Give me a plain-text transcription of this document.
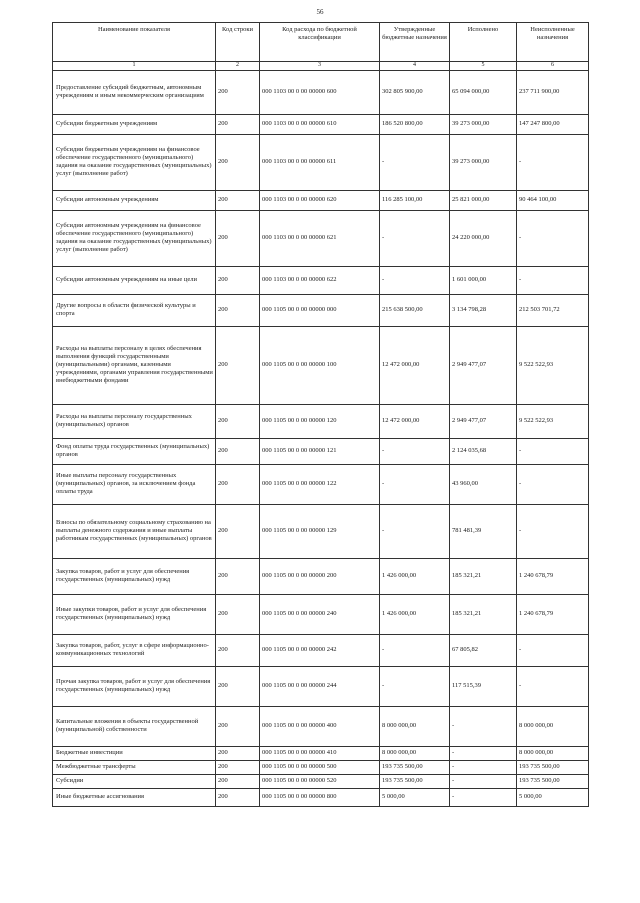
56
Наименование показателя	Код строки	Код расхода по бюджетной классификации	Утвержденные бюджетные назначения	Исполнено	Неисполненные назначения
1	2	3	4	5	6
Предоставление субсидий бюджетным, автономным учреждениям и иным некоммерческим организациям	200	000 1103 00 0 00 00000 600	302 805 900,00	65 094 000,00	237 711 900,00
Субсидии бюджетным учреждениям	200	000 1103 00 0 00 00000 610	186 520 800,00	39 273 000,00	147 247 800,00
Субсидии бюджетным учреждениям на финансовое обеспечение государственного (муниципального) задания на оказание государственных (муниципальных) услуг (выполнение работ)	200	000 1103 00 0 00 00000 611	-	39 273 000,00	-
Субсидии автономным учреждениям	200	000 1103 00 0 00 00000 620	116 285 100,00	25 821 000,00	90 464 100,00
Субсидии автономным учреждениям на финансовое обеспечение государственного (муниципального) задания на оказание государственных (муниципальных) услуг (выполнение работ)	200	000 1103 00 0 00 00000 621	-	24 220 000,00	-
Субсидии автономным учреждениям на иные цели	200	000 1103 00 0 00 00000 622	-	1 601 000,00	-
Другие вопросы в области физической культуры и спорта	200	000 1105 00 0 00 00000 000	215 638 500,00	3 134 798,28	212 503 701,72
Расходы на выплаты персоналу в целях обеспечения выполнения функций государственными (муниципальными) органами, казенными учреждениями, органами управления государственными внебюджетными фондами	200	000 1105 00 0 00 00000 100	12 472 000,00	2 949 477,07	9 522 522,93
Расходы на выплаты персоналу государственных (муниципальных) органов	200	000 1105 00 0 00 00000 120	12 472 000,00	2 949 477,07	9 522 522,93
Фонд оплаты труда государственных (муниципальных) органов	200	000 1105 00 0 00 00000 121	-	2 124 035,68	-
Иные выплаты персоналу государственных (муниципальных) органов, за исключением фонда оплаты труда	200	000 1105 00 0 00 00000 122	-	43 960,00	-
Взносы по обязательному социальному страхованию на выплаты денежного содержания и иные выплаты работникам государственных (муниципальных) органов	200	000 1105 00 0 00 00000 129	-	781 481,39	-
Закупка товаров, работ и услуг для обеспечения государственных (муниципальных) нужд	200	000 1105 00 0 00 00000 200	1 426 000,00	185 321,21	1 240 678,79
Иные закупки товаров, работ и услуг для обеспечения государственных (муниципальных) нужд	200	000 1105 00 0 00 00000 240	1 426 000,00	185 321,21	1 240 678,79
Закупка товаров, работ, услуг в сфере информационно-коммуникационных технологий	200	000 1105 00 0 00 00000 242	-	67 805,82	-
Прочая закупка товаров, работ и услуг для обеспечения государственных (муниципальных) нужд	200	000 1105 00 0 00 00000 244	-	117 515,39	-
Капитальные вложения в объекты государственной (муниципальной) собственности	200	000 1105 00 0 00 00000 400	8 000 000,00	-	8 000 000,00
Бюджетные инвестиции	200	000 1105 00 0 00 00000 410	8 000 000,00	-	8 000 000,00
Межбюджетные трансферты	200	000 1105 00 0 00 00000 500	193 735 500,00	-	193 735 500,00
Субсидии	200	000 1105 00 0 00 00000 520	193 735 500,00	-	193 735 500,00
Иные бюджетные ассигнования	200	000 1105 00 0 00 00000 800	5 000,00	-	5 000,00
